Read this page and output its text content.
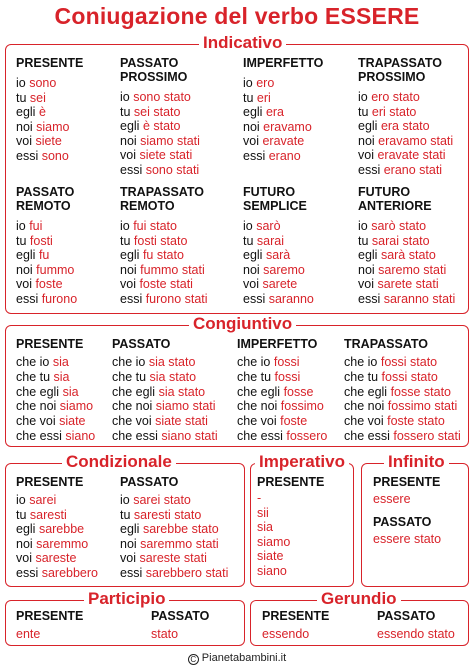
Coniugazione del verbo ESSERE
Indicativo
PRESENTE
io sono
tu sei
egli è
noi siamo
voi siete
essi sono
PASSATO
PROSSIMO
io sono stato
tu sei stato
egli è stato
noi siamo stati
voi siete stati
essi sono stati
IMPERFETTO
io ero
tu eri
egli era
noi eravamo
voi eravate
essi erano
TRAPASSATO
PROSSIMO
io ero stato
tu eri stato
egli era stato
noi eravamo stati
voi eravate stati
essi erano stati
PASSATO
REMOTO
io fui
tu fosti
egli fu
noi fummo
voi foste
essi furono
TRAPASSATO
REMOTO
io fui stato
tu fosti stato
egli fu stato
noi fummo stati
voi foste stati
essi furono stati
FUTURO
SEMPLICE
io sarò
tu sarai
egli sarà
noi saremo
voi sarete
essi saranno
FUTURO
ANTERIORE
io sarò stato
tu sarai stato
egli sarà stato
noi saremo stati
voi sarete stati
essi saranno stati
Congiuntivo
PRESENTE
che io sia
che tu sia
che egli sia
che noi siamo
che voi siate
che essi siano
PASSATO
che io sia stato
che tu sia stato
che egli sia stato
che noi siamo stati
che voi siate stati
che essi siano stati
IMPERFETTO
che io fossi
che tu fossi
che egli fosse
che noi fossimo
che voi foste
che essi fossero
TRAPASSATO
che io fossi stato
che tu fossi stato
che egli fosse stato
che noi fossimo stati
che voi foste stato
che essi fossero stati
Condizionale
PRESENTE
io sarei
tu saresti
egli sarebbe
noi saremmo
voi sareste
essi sarebbero
PASSATO
io sarei stato
tu saresti stato
egli sarebbe stato
noi saremmo stati
voi sareste stati
essi sarebbero stati
Imperativo
PRESENTE
-
sii
sia
siamo
siate
siano
Infinito
PRESENTE
essere
PASSATO
essere stato
Participio
PRESENTE
ente
PASSATO
stato
Gerundio
PRESENTE
essendo
PASSATO
essendo stato
C Pianetabambini.it
